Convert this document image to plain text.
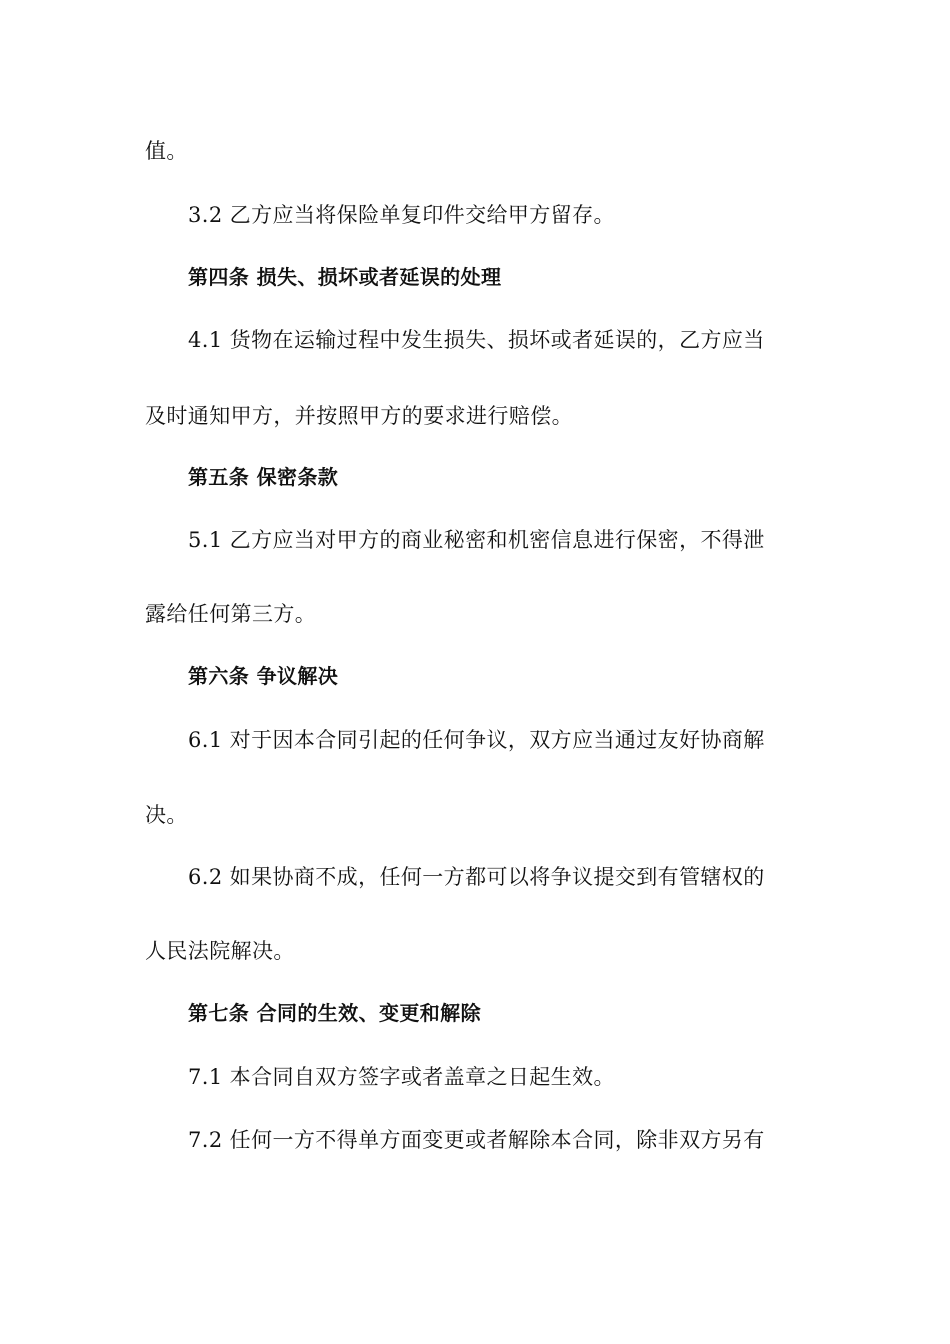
值。
3.2 乙方应当将保险单复印件交给甲方留存。
第四条 损失、损坏或者延误的处理
4.1 货物在运输过程中发生损失、损坏或者延误的，乙方应当
及时通知甲方，并按照甲方的要求进行赔偿。
第五条 保密条款
5.1 乙方应当对甲方的商业秘密和机密信息进行保密，不得泄
露给任何第三方。
第六条 争议解决
6.1 对于因本合同引起的任何争议，双方应当通过友好协商解
决。
6.2 如果协商不成，任何一方都可以将争议提交到有管辖权的
人民法院解决。
第七条 合同的生效、变更和解除
7.1 本合同自双方签字或者盖章之日起生效。
7.2 任何一方不得单方面变更或者解除本合同，除非双方另有
